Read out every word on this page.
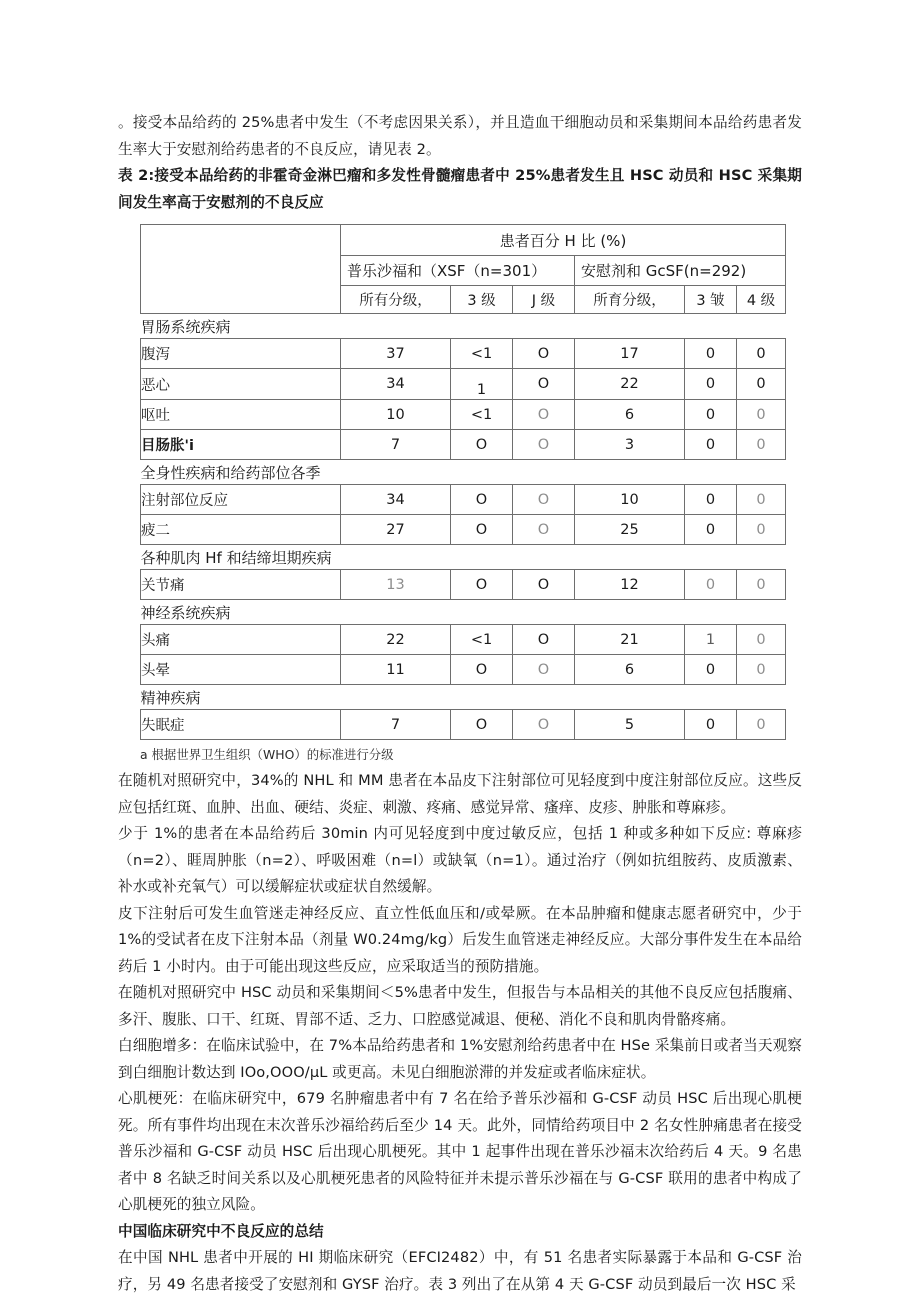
。接受本品给药的 25%患者中发生（不考虑因果关系），并且造血干细胞动员和采集期间本品给药患者发生率大于安慰剂给药患者的不良反应，请见表 2。

表 2:接受本品给药的非霍奇金淋巴瘤和多发性骨髓瘤患者中 25%患者发生且 HSC 动员和 HSC 采集期间发生率高于安慰剂的不良反应

	患者百分 H 比 (%)					

	普乐沙福和（XSF（n=301）			安慰剂和 GcSF(n=292)		

	所有分级，	3 级	J 级	所育分级，	3 皱	4 级
胃肠系统疾病						
腹泻	37	<1	O	17	0	0
恶心	34	1	O	22	0	0
呕吐	10	<1	O	6	0	0
目肠胀'i	7	O	O	3	0	0
全身性疾病和给药部位各季						
注射部位反应	34	O	O	10	0	0
疲二	27	O	O	25	0	0
各种肌肉 Hf 和结缔坦期疾病						
关节痛	13	O	O	12	0	0
神经系统疾病						
头痛	22	<1	O	21	1	0
头晕	11	O	O	6	0	0
精神疾病						
失眠症	7	O	O	5	0	0
a 根据世界卫生组织（WHO）的标准进行分级

在随机对照研究中，34%的 NHL 和 MM 患者在本品皮下注射部位可见轻度到中度注射部位反应。这些反应包括红斑、血肿、出血、硬结、炎症、刺激、疼痛、感觉异常、瘙痒、皮疹、肿胀和尊麻疹。

少于 1%的患者在本品给药后 30min 内可见轻度到中度过敏反应，包括 1 种或多种如下反应: 尊麻疹（n=2）、睚周肿胀（n=2）、呼吸困难（n=l）或缺氧（n=1）。通过治疗（例如抗组胺药、皮质激素、补水或补充氧气）可以缓解症状或症状自然缓解。

皮下注射后可发生血管迷走神经反应、直立性低血压和/或晕厥。在本品肿瘤和健康志愿者研究中，少于 1%的受试者在皮下注射本品（剂量 W0.24mg/kg）后发生血管迷走神经反应。大部分事件发生在本品给药后 1 小时内。由于可能出现这些反应，应采取适当的预防措施。

在随机对照研究中 HSC 动员和采集期间＜5%患者中发生，但报告与本品相关的其他不良反应包括腹痛、多汗、腹胀、口干、红斑、胃部不适、乏力、口腔感觉减退、便秘、消化不良和肌肉骨骼疼痛。

白细胞增多：在临床试验中，在 7%本品给药患者和 1%安慰剂给药患者中在 HSe 采集前日或者当天观察到白细胞计数达到 IOo,OOO/μL 或更高。未见白细胞淤滞的并发症或者临床症状。

心肌梗死：在临床研究中，679 名肿瘤患者中有 7 名在给予普乐沙福和 G-CSF 动员 HSC 后出现心肌梗死。所有事件均出现在末次普乐沙福给药后至少 14 天。此外，同情给药项目中 2 名女性肿痛患者在接受普乐沙福和 G-CSF 动员 HSC 后出现心肌梗死。其中 1 起事件出现在普乐沙福末次给药后 4 天。9 名患者中 8 名缺乏时间关系以及心肌梗死患者的风险特征并未提示普乐沙福在与 G-CSF 联用的患者中构成了心肌梗死的独立风险。

中国临床研究中不良反应的总结

在中国 NHL 患者中开展的 HI 期临床研究（EFCI2482）中，有 51 名患者实际暴露于本品和 G-CSF 治疗，另 49 名患者接受了安慰剂和 GYSF 治疗。表 3 列出了在从第 4 天 G-CSF 动员到最后一次 HSC 采
